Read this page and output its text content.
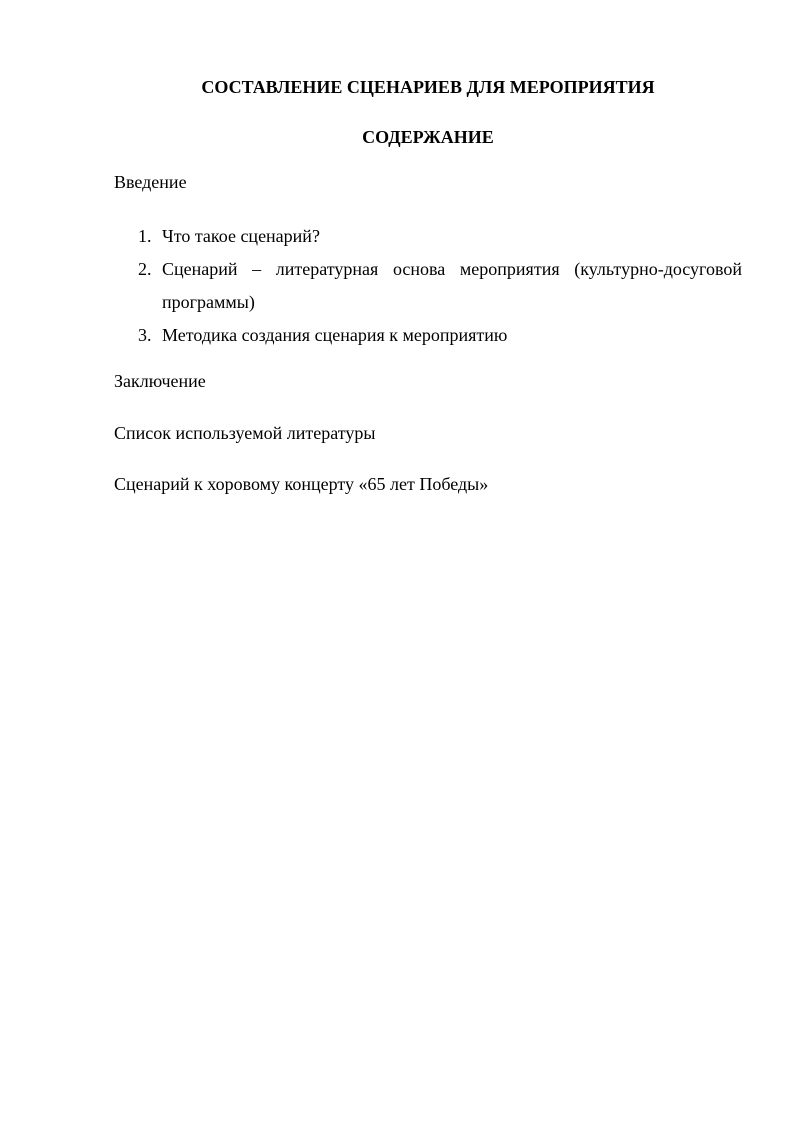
СОСТАВЛЕНИЕ СЦЕНАРИЕВ ДЛЯ МЕРОПРИЯТИЯ
СОДЕРЖАНИЕ
Введение
1. Что такое сценарий?
2. Сценарий – литературная основа мероприятия (культурно-досуговой программы)
3. Методика создания сценария к мероприятию
Заключение
Список используемой литературы
Сценарий к хоровому концерту «65 лет Победы»
